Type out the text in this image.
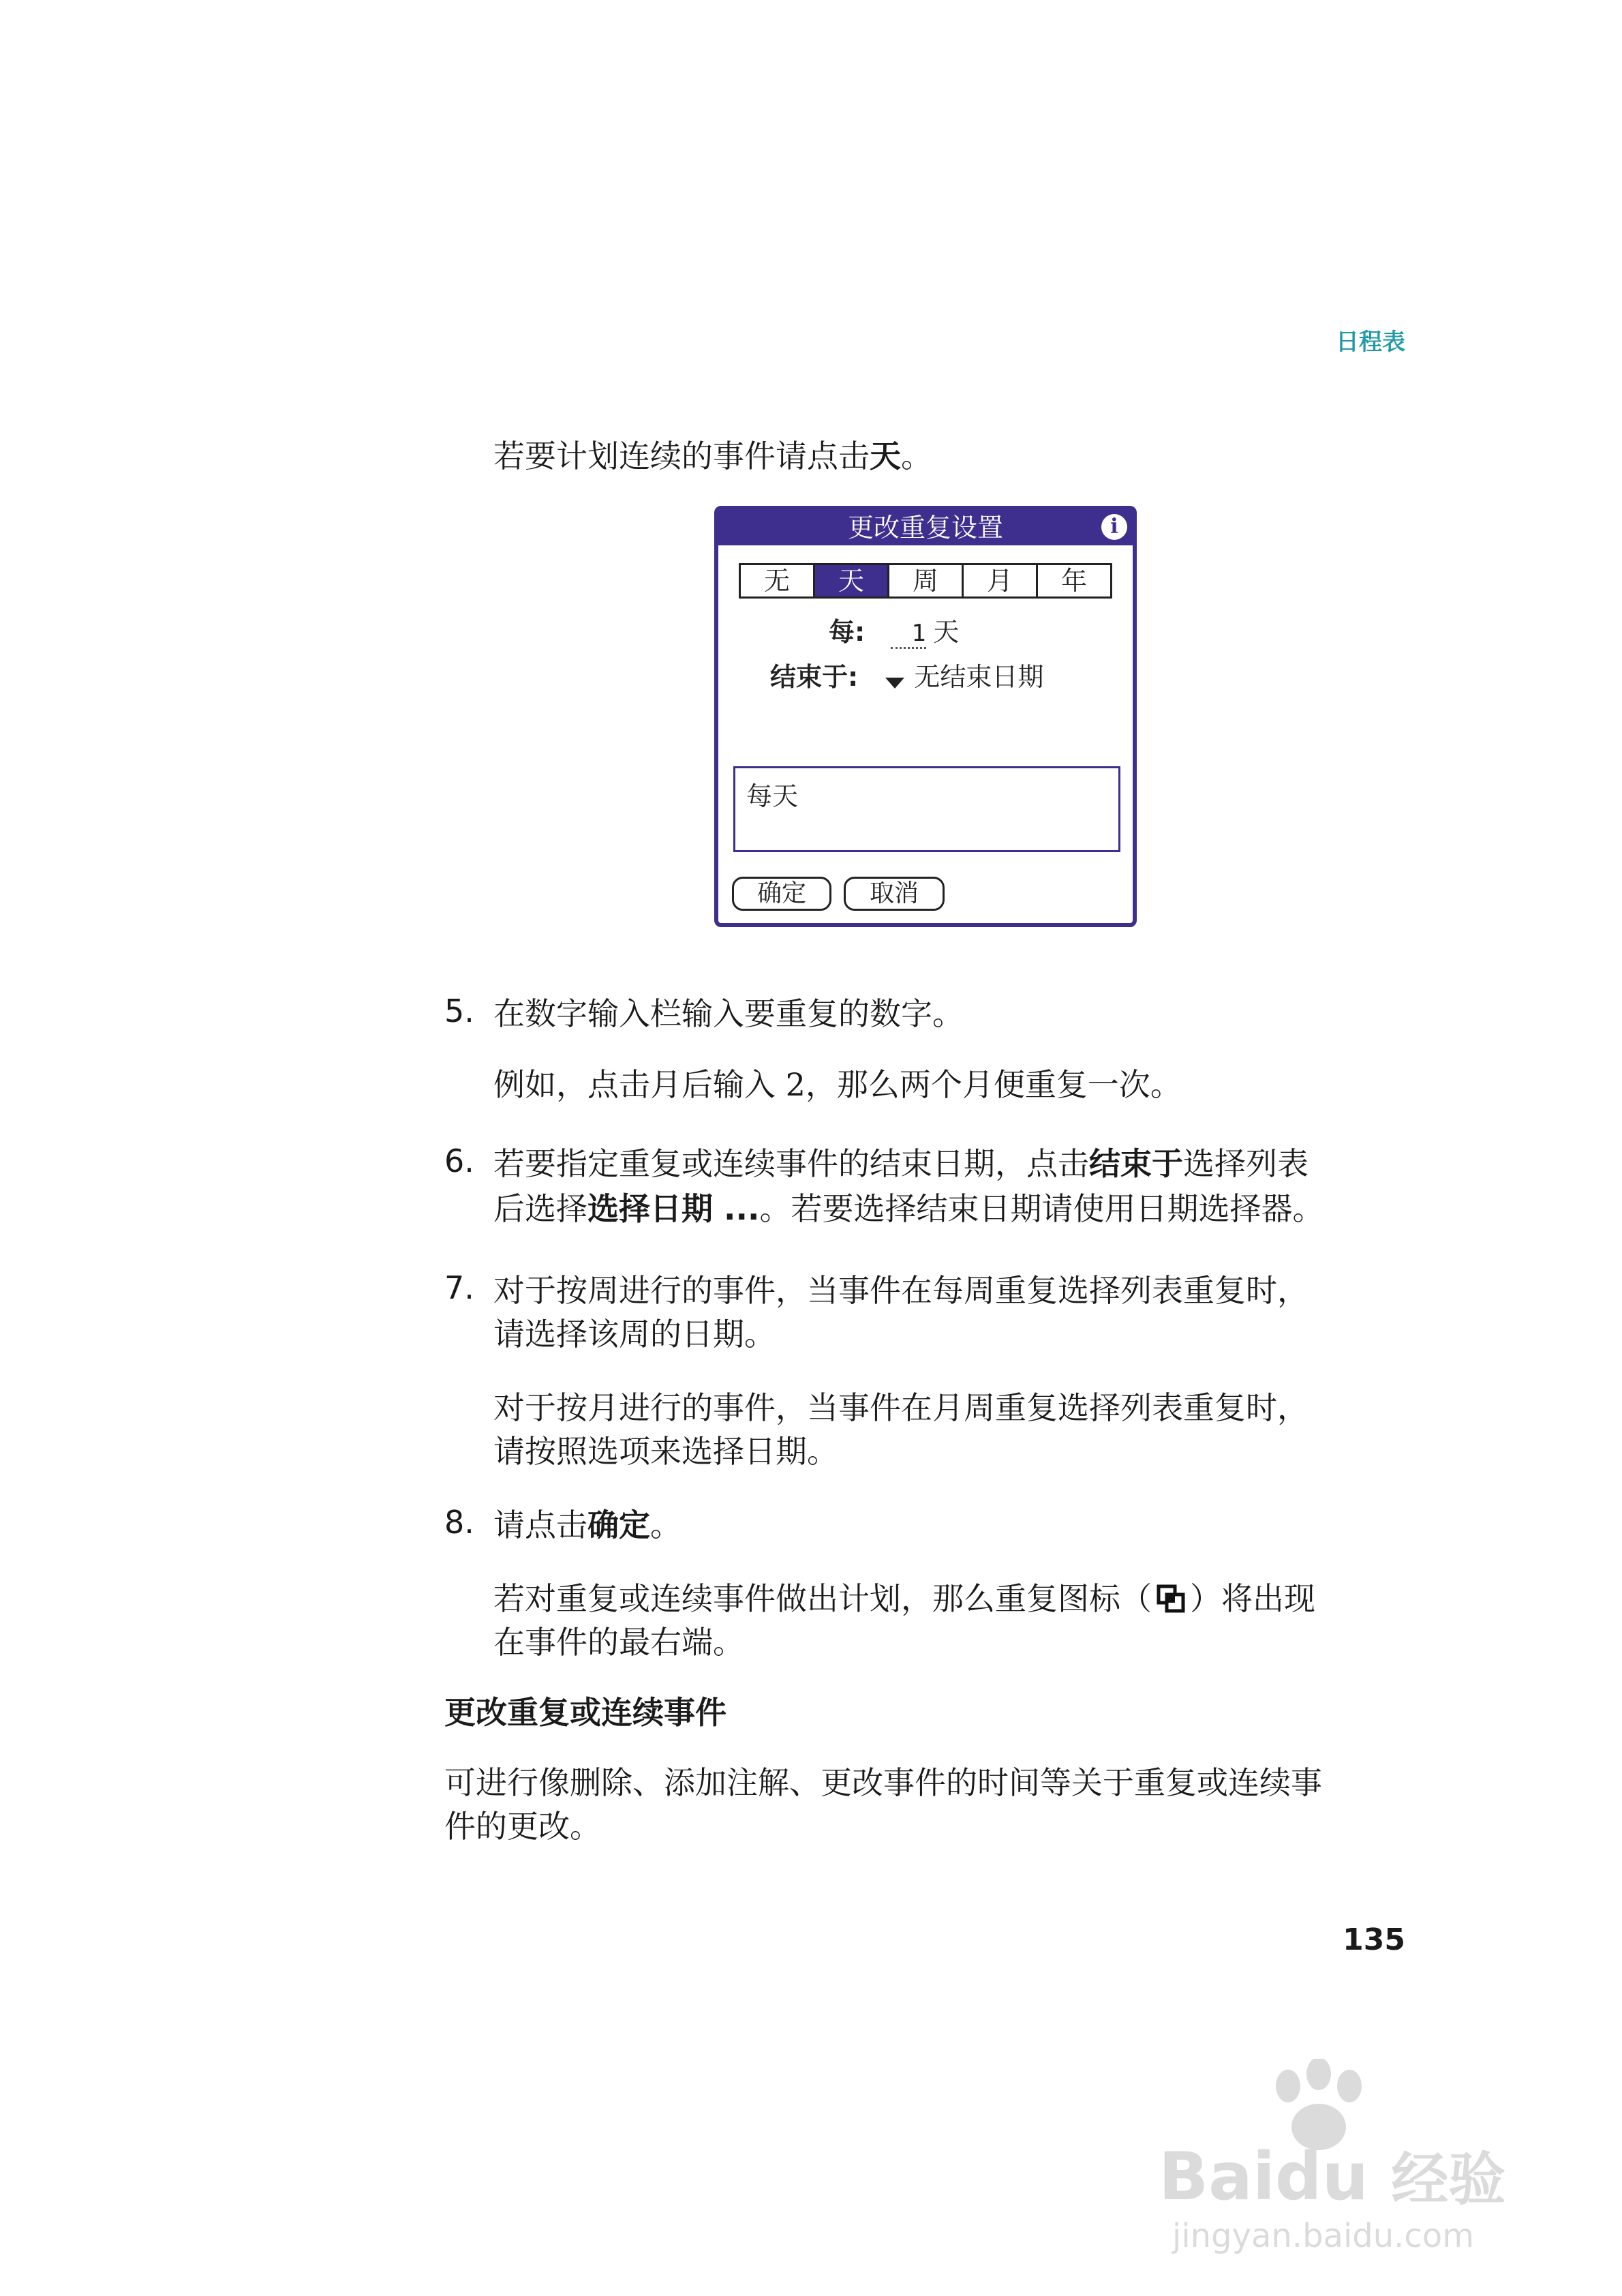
日程表
若要计划连续的事件请点击天。
更改重复设置	i
无	天	周	月	年
每: 1 天
结束于: 无结束日期
每天
确定	取消
5. 在数字输入栏输入要重复的数字。
例如，点击月后输入 2，那么两个月便重复一次。
6. 若要指定重复或连续事件的结束日期，点击结束于选择列表
后选择选择日期 ...。若要选择结束日期请使用日期选择器。
7. 对于按周进行的事件，当事件在每周重复选择列表重复时，
请选择该周的日期。
对于按月进行的事件，当事件在月周重复选择列表重复时，
请按照选项来选择日期。
8. 请点击确定。
若对重复或连续事件做出计划，那么重复图标（ ）将出现
在事件的最右端。
更改重复或连续事件
可进行像删除、添加注解、更改事件的时间等关于重复或连续事
件的更改。
135
Baidu 经验
jingyan.baidu.com
